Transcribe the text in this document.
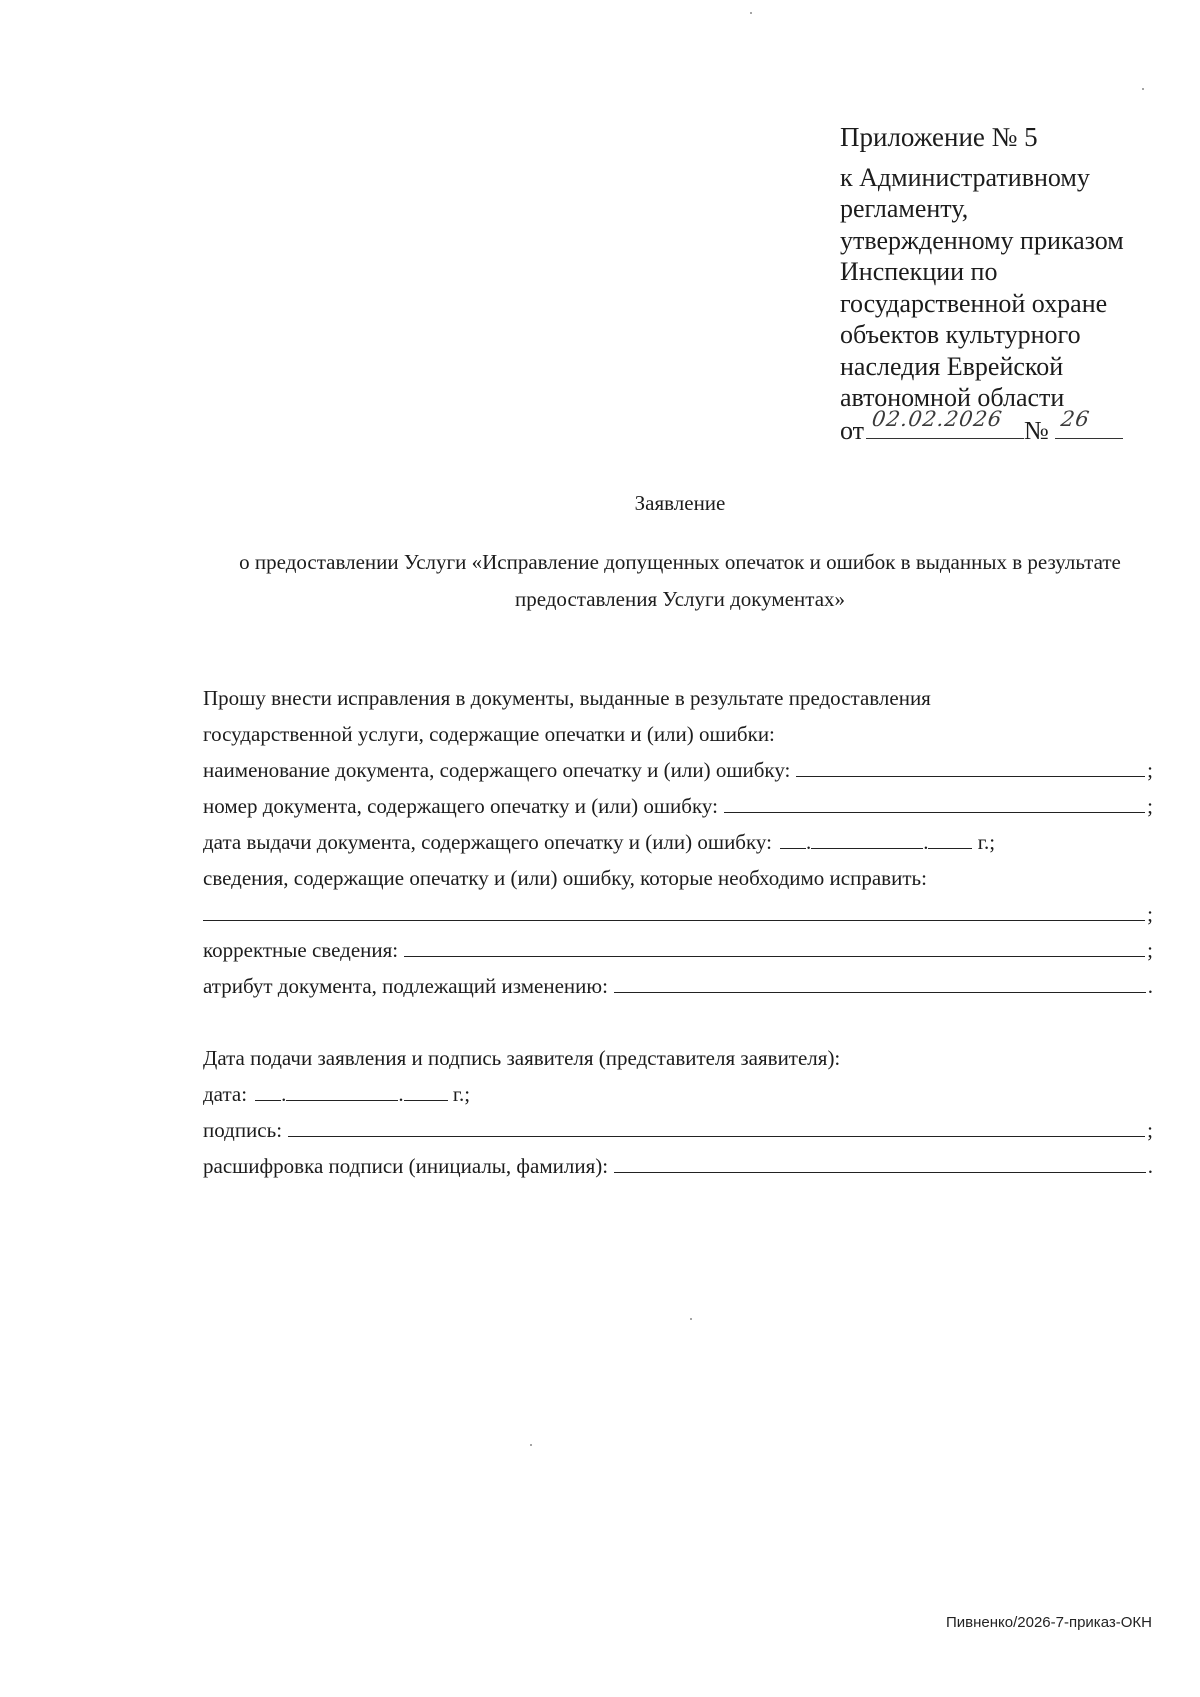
Приложение № 5
к Административному
регламенту,
утвержденному приказом
Инспекции по
государственной охране
объектов культурного
наследия Еврейской
автономной области
от 02.02.2026 № 26
Заявление
о предоставлении Услуги «Исправление допущенных опечаток и ошибок в выданных в результате предоставления Услуги документах»
Прошу внести исправления в документы, выданные в результате предоставления
государственной услуги, содержащие опечатки и (или) ошибки:
наименование документа, содержащего опечатку и (или) ошибку:	;
номер документа, содержащего опечатку и (или) ошибку:	;
дата выдачи документа, содержащего опечатку и (или) ошибку:	.	. г.;
сведения, содержащие опечатку и (или) ошибку, которые необходимо исправить:
;
корректные сведения:	;
атрибут документа, подлежащий изменению:	.
Дата подачи заявления и подпись заявителя (представителя заявителя):
дата:	.	. г.;
подпись:	;
расшифровка подписи (инициалы, фамилия):	.
Пивненко/2026-7-приказ-ОКН
